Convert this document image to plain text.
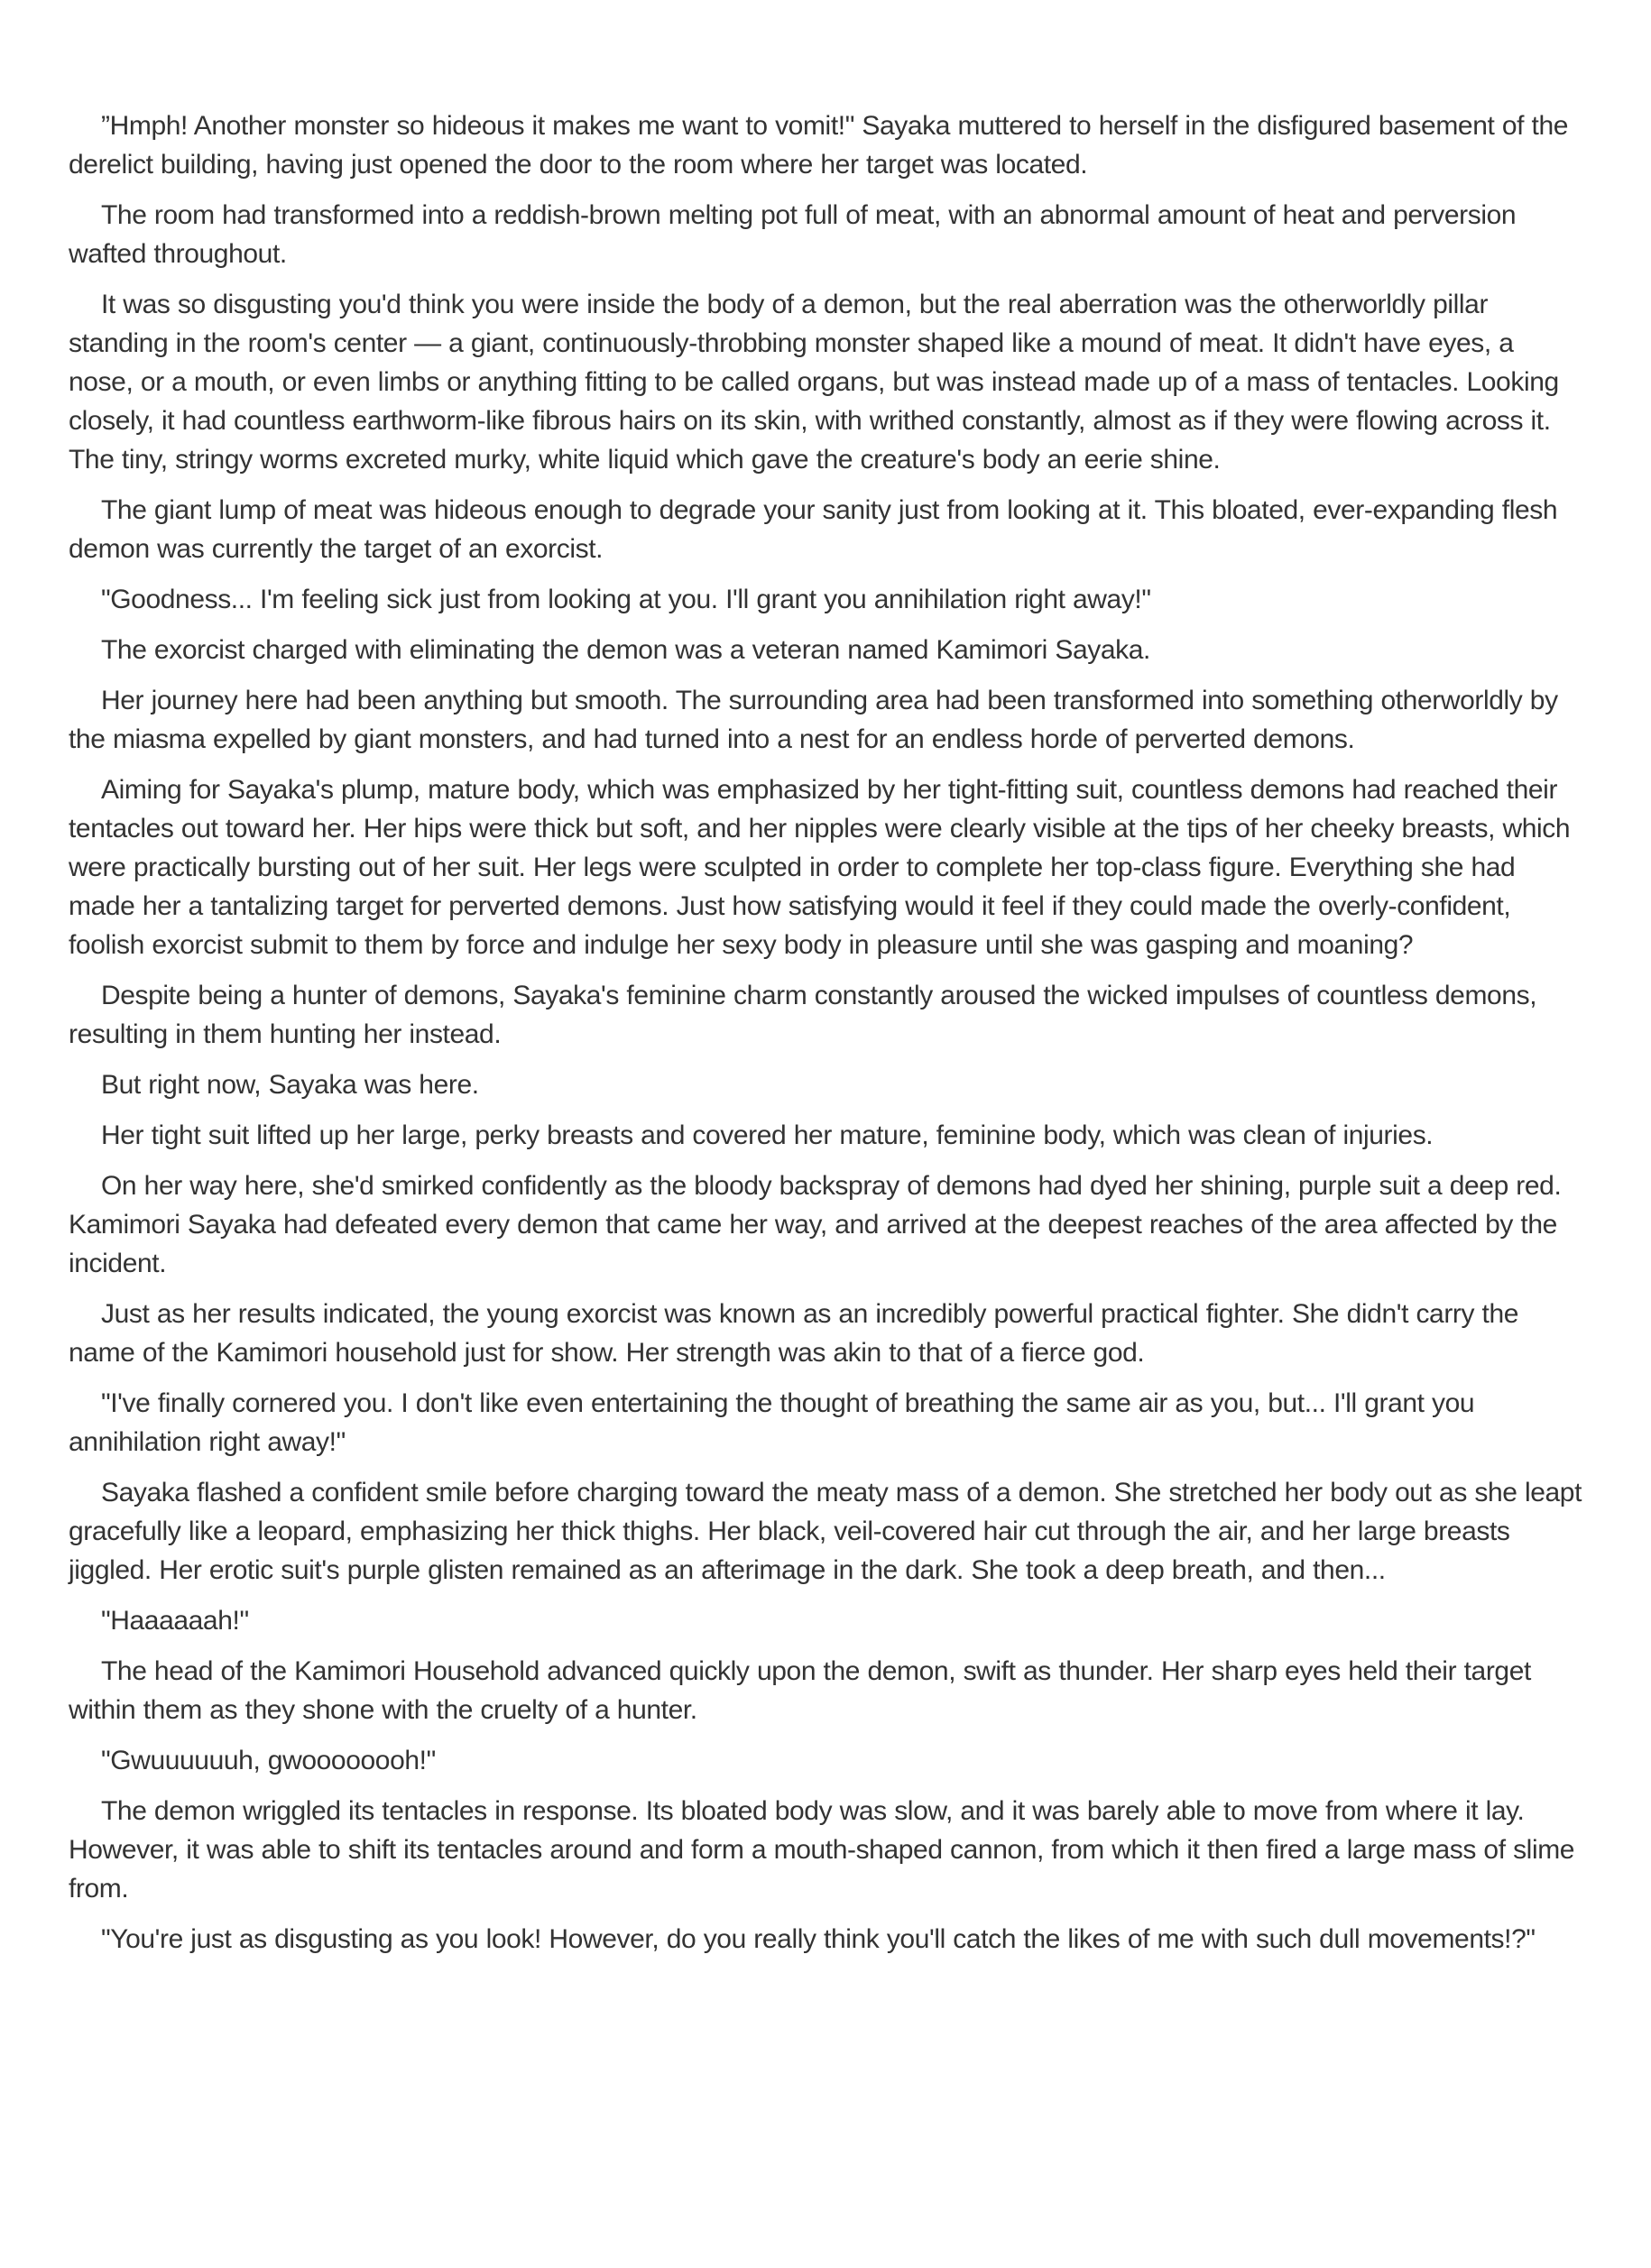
”Hmph! Another monster so hideous it makes me want to vomit!" Sayaka muttered to herself in the disfigured basement of the derelict building, having just opened the door to the room where her target was located.

The room had transformed into a reddish-brown melting pot full of meat, with an abnormal amount of heat and perversion wafted throughout.

It was so disgusting you'd think you were inside the body of a demon, but the real aberration was the otherworldly pillar standing in the room's center — a giant, continuously-throbbing monster shaped like a mound of meat. It didn't have eyes, a nose, or a mouth, or even limbs or anything fitting to be called organs, but was instead made up of a mass of tentacles. Looking closely, it had countless earthworm-like fibrous hairs on its skin, with writhed constantly, almost as if they were flowing across it. The tiny, stringy worms excreted murky, white liquid which gave the creature's body an eerie shine.

The giant lump of meat was hideous enough to degrade your sanity just from looking at it. This bloated, ever-expanding flesh demon was currently the target of an exorcist.

"Goodness... I'm feeling sick just from looking at you. I'll grant you annihilation right away!"

The exorcist charged with eliminating the demon was a veteran named Kamimori Sayaka.

Her journey here had been anything but smooth. The surrounding area had been transformed into something otherworldly by the miasma expelled by giant monsters, and had turned into a nest for an endless horde of perverted demons.

Aiming for Sayaka's plump, mature body, which was emphasized by her tight-fitting suit, countless demons had reached their tentacles out toward her. Her hips were thick but soft, and her nipples were clearly visible at the tips of her cheeky breasts, which were practically bursting out of her suit. Her legs were sculpted in order to complete her top-class figure. Everything she had made her a tantalizing target for perverted demons. Just how satisfying would it feel if they could made the overly-confident, foolish exorcist submit to them by force and indulge her sexy body in pleasure until she was gasping and moaning?

Despite being a hunter of demons, Sayaka's feminine charm constantly aroused the wicked impulses of countless demons, resulting in them hunting her instead.

But right now, Sayaka was here.

Her tight suit lifted up her large, perky breasts and covered her mature, feminine body, which was clean of injuries.

On her way here, she'd smirked confidently as the bloody backspray of demons had dyed her shining, purple suit a deep red. Kamimori Sayaka had defeated every demon that came her way, and arrived at the deepest reaches of the area affected by the incident.

Just as her results indicated, the young exorcist was known as an incredibly powerful practical fighter. She didn't carry the name of the Kamimori household just for show. Her strength was akin to that of a fierce god.

"I've finally cornered you. I don't like even entertaining the thought of breathing the same air as you, but... I'll grant you annihilation right away!"

Sayaka flashed a confident smile before charging toward the meaty mass of a demon. She stretched her body out as she leapt gracefully like a leopard, emphasizing her thick thighs. Her black, veil-covered hair cut through the air, and her large breasts jiggled. Her erotic suit's purple glisten remained as an afterimage in the dark. She took a deep breath, and then...

"Haaaaaah!"

The head of the Kamimori Household advanced quickly upon the demon, swift as thunder. Her sharp eyes held their target within them as they shone with the cruelty of a hunter.

"Gwuuuuuuh, gwoooooooh!"

The demon wriggled its tentacles in response. Its bloated body was slow, and it was barely able to move from where it lay. However, it was able to shift its tentacles around and form a mouth-shaped cannon, from which it then fired a large mass of slime from.

"You're just as disgusting as you look! However, do you really think you'll catch the likes of me with such dull movements!?"
